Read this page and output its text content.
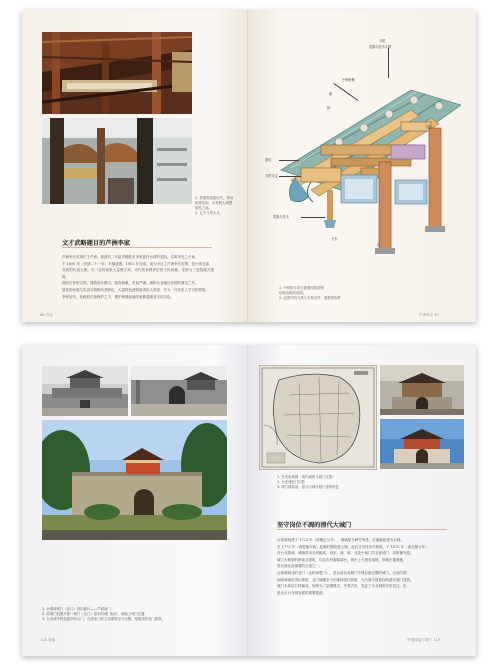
1. 堂建筑屋架形式，采用
抬梁结构，用材较大规整
梁柱之间。
2. 五个斗拱大全。
文才武略题目的芦洲李家
芦洲李氏宅第位于芦洲，系清代二代祖李德乾至李家族在台湾的宅院。名叫李光之子孙，
于 1895 年（光绪二十一年）年落成建，1903 年完成，成为今日之芦洲李氏宅第。是台湾北部
官宦的代表人物。在一定时间里大量族子孙，历代传承教育后世子孙成就。宅第为三进院落式建筑，
拥有古朴的文风，建筑设计精巧，装饰典雅，布局严谨，堪称台北地区民居的典范之作。
居住的环境与生活习俗都有其特色，大量特色建筑值得后人欣赏，作为一代代后人学习的样板。
李家后代，在政府古迹保护之下，维护修缮此地的家族遗迹及宗祠文化。
66 台北
斗栱
瓜筒与托木斗栱
中脊桁檩
檩
桁
垂柱
斗拱式支
瓜筒与托木
大木
柱
飞檐
1. 中脊的斗拱与重要结构说明
结构名称的说明。
2. 此图中的斗拱与木构名件、重要的构件
芦洲李宅 67
1. 台湾城城门（北门）的旧照片——严城西门
2. 清城门旧照片第一城门（北门）原本的城门标识，城墙上城门位置
3. 台北城中现存最早的大门，台湾北门的主体建筑至今完整，是难得的北门建筑。
118 城墙
1. 台北府城图（清代城垣与城门位置）
2. 台北城北门旧影
3. 城门楼局部，显示出清代城门建筑特色
坚守岗位不凋的清代大城门
台湾城始建于 1723 年（清雍正元年），城墙原为刺竹所建，后逐渐改建为石城。
至 1773 年（清乾隆年间）乾隆时期改建土城，此后又历经多次修筑，于 1875 年（清光绪元年）
在台北筑城，城墙采用石材砌成，设东、西、南、北及小南门共五座城门，以防御外敌。
城门为典型的闽南式建筑，均以石材砌筑城台，城台上方建有城楼，形制庄重典雅，
是台湾北部重要的古迹之一。
台湾城城北的北门（也称承恩门），是目前台北城门中保存最完整的城门，日治时期
拆除城墙时得以保留，北门城楼至今仍维持清代原貌，为台湾少数留存的清代城门建筑。
城门本体以石材砌成，形制为二层碉堡式，外观古朴，见证了台北城的历史变迁，也
是认识台北城发展的重要遗迹。
中国城墙与城门 119
